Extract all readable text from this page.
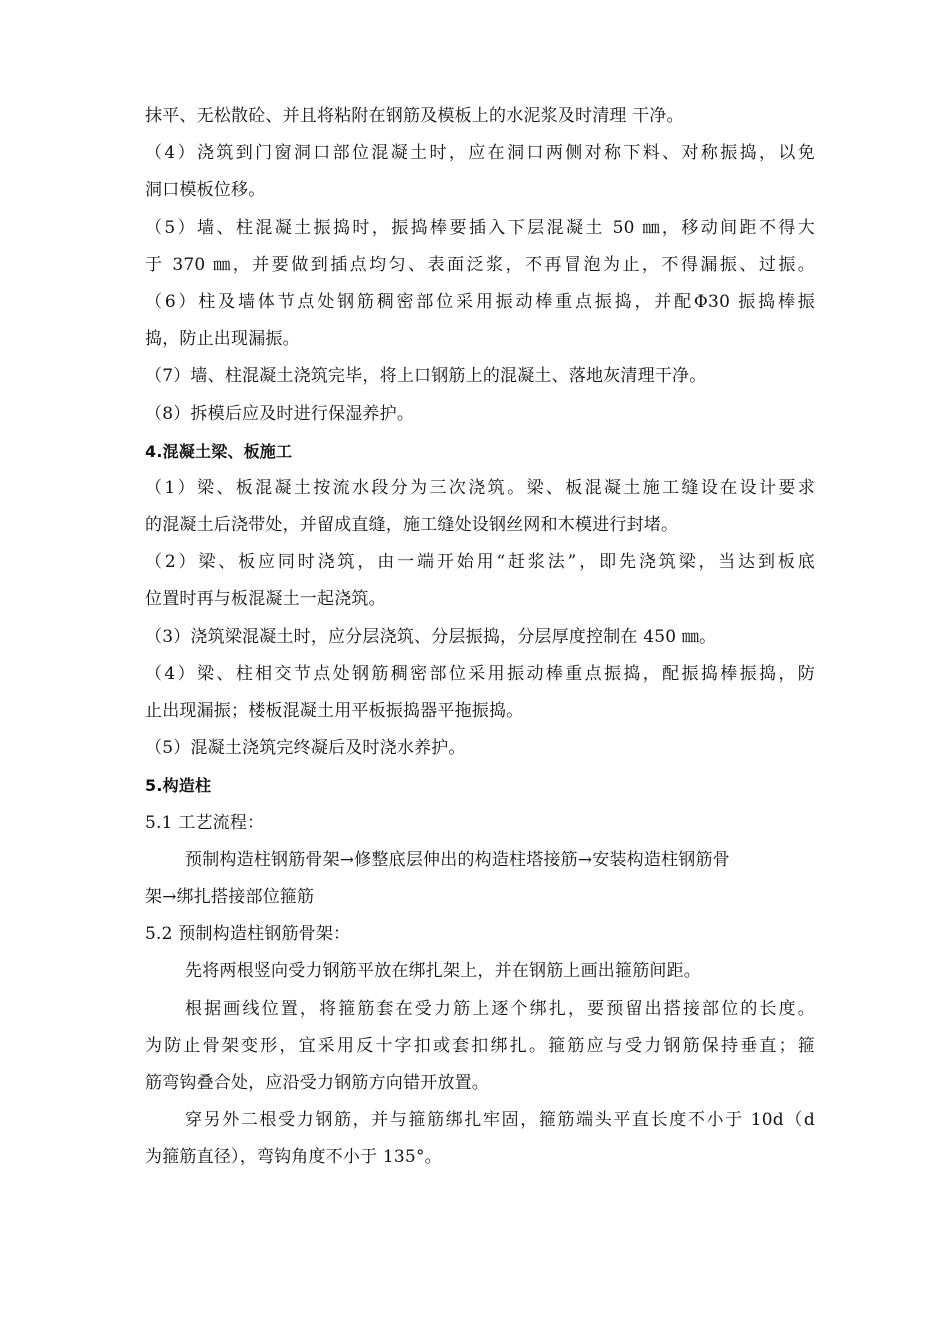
抹平、无松散砼、并且将粘附在钢筋及模板上的水泥浆及时清理 干净。
（4）浇筑到门窗洞口部位混凝土时，应在洞口两侧对称下料、对称振捣，以免
洞口模板位移。
（5）墙、柱混凝土振捣时，振捣棒要插入下层混凝土 50 ㎜，移动间距不得大
于 370 ㎜，并要做到插点均匀、表面泛浆，不再冒泡为止，不得漏振、过振。
（6）柱及墙体节点处钢筋稠密部位采用振动棒重点振捣，并配Φ30 振捣棒振
捣，防止出现漏振。
（7）墙、柱混凝土浇筑完毕，将上口钢筋上的混凝土、落地灰清理干净。
（8）拆模后应及时进行保湿养护。
4.混凝土梁、板施工
（1）梁、板混凝土按流水段分为三次浇筑。梁、板混凝土施工缝设在设计要求
的混凝土后浇带处，并留成直缝，施工缝处设钢丝网和木模进行封堵。
（2）梁、板应同时浇筑，由一端开始用“赶浆法”，即先浇筑梁，当达到板底
位置时再与板混凝土一起浇筑。
（3）浇筑梁混凝土时，应分层浇筑、分层振捣，分层厚度控制在 450 ㎜。
（4）梁、柱相交节点处钢筋稠密部位采用振动棒重点振捣，配振捣棒振捣，防
止出现漏振；楼板混凝土用平板振捣器平拖振捣。
（5）混凝土浇筑完终凝后及时浇水养护。
5.构造柱
5.1 工艺流程：
预制构造柱钢筋骨架→修整底层伸出的构造柱塔接筋→安装构造柱钢筋骨
架→绑扎搭接部位箍筋
5.2 预制构造柱钢筋骨架：
先将两根竖向受力钢筋平放在绑扎架上，并在钢筋上画出箍筋间距。
根据画线位置，将箍筋套在受力筋上逐个绑扎，要预留出搭接部位的长度。
为防止骨架变形，宜采用反十字扣或套扣绑扎。箍筋应与受力钢筋保持垂直；箍
筋弯钩叠合处，应沿受力钢筋方向错开放置。
穿另外二根受力钢筋，并与箍筋绑扎牢固，箍筋端头平直长度不小于 10d（d
为箍筋直径），弯钩角度不小于 135°。
